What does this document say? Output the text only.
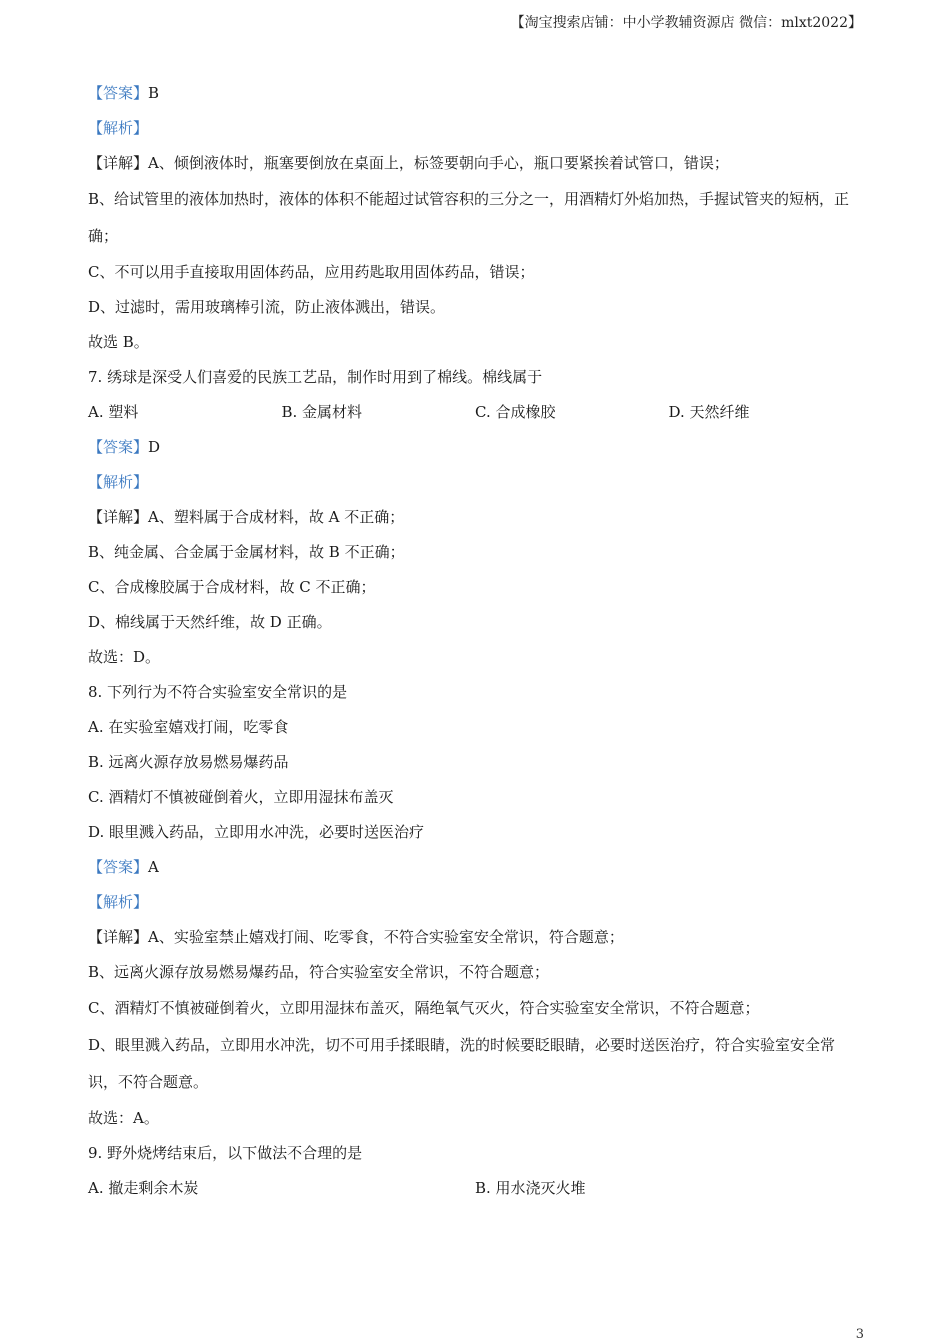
【淘宝搜索店铺：中小学教辅资源店 微信：mlxt2022】
【答案】B
【解析】
【详解】A、倾倒液体时，瓶塞要倒放在桌面上，标签要朝向手心，瓶口要紧挨着试管口，错误；
B、给试管里的液体加热时，液体的体积不能超过试管容积的三分之一，用酒精灯外焰加热，手握试管夹的短柄，正确；
C、不可以用手直接取用固体药品，应用药匙取用固体药品，错误；
D、过滤时，需用玻璃棒引流，防止液体溅出，错误。
故选 B。
7. 绣球是深受人们喜爱的民族工艺品，制作时用到了棉线。棉线属于
A. 塑料	B. 金属材料	C. 合成橡胶	D. 天然纤维
【答案】D
【解析】
【详解】A、塑料属于合成材料，故 A 不正确；
B、纯金属、合金属于金属材料，故 B 不正确；
C、合成橡胶属于合成材料，故 C 不正确；
D、棉线属于天然纤维，故 D 正确。
故选：D。
8. 下列行为不符合实验室安全常识的是
A. 在实验室嬉戏打闹，吃零食
B. 远离火源存放易燃易爆药品
C. 酒精灯不慎被碰倒着火，立即用湿抹布盖灭
D. 眼里溅入药品，立即用水冲洗，必要时送医治疗
【答案】A
【解析】
【详解】A、实验室禁止嬉戏打闹、吃零食，不符合实验室安全常识，符合题意；
B、远离火源存放易燃易爆药品，符合实验室安全常识，不符合题意；
C、酒精灯不慎被碰倒着火，立即用湿抹布盖灭，隔绝氧气灭火，符合实验室安全常识，不符合题意；
D、眼里溅入药品，立即用水冲洗，切不可用手揉眼睛，洗的时候要眨眼睛，必要时送医治疗，符合实验室安全常识，不符合题意。
故选：A。
9. 野外烧烤结束后，以下做法不合理的是
A. 撤走剩余木炭	B. 用水浇灭火堆
3
